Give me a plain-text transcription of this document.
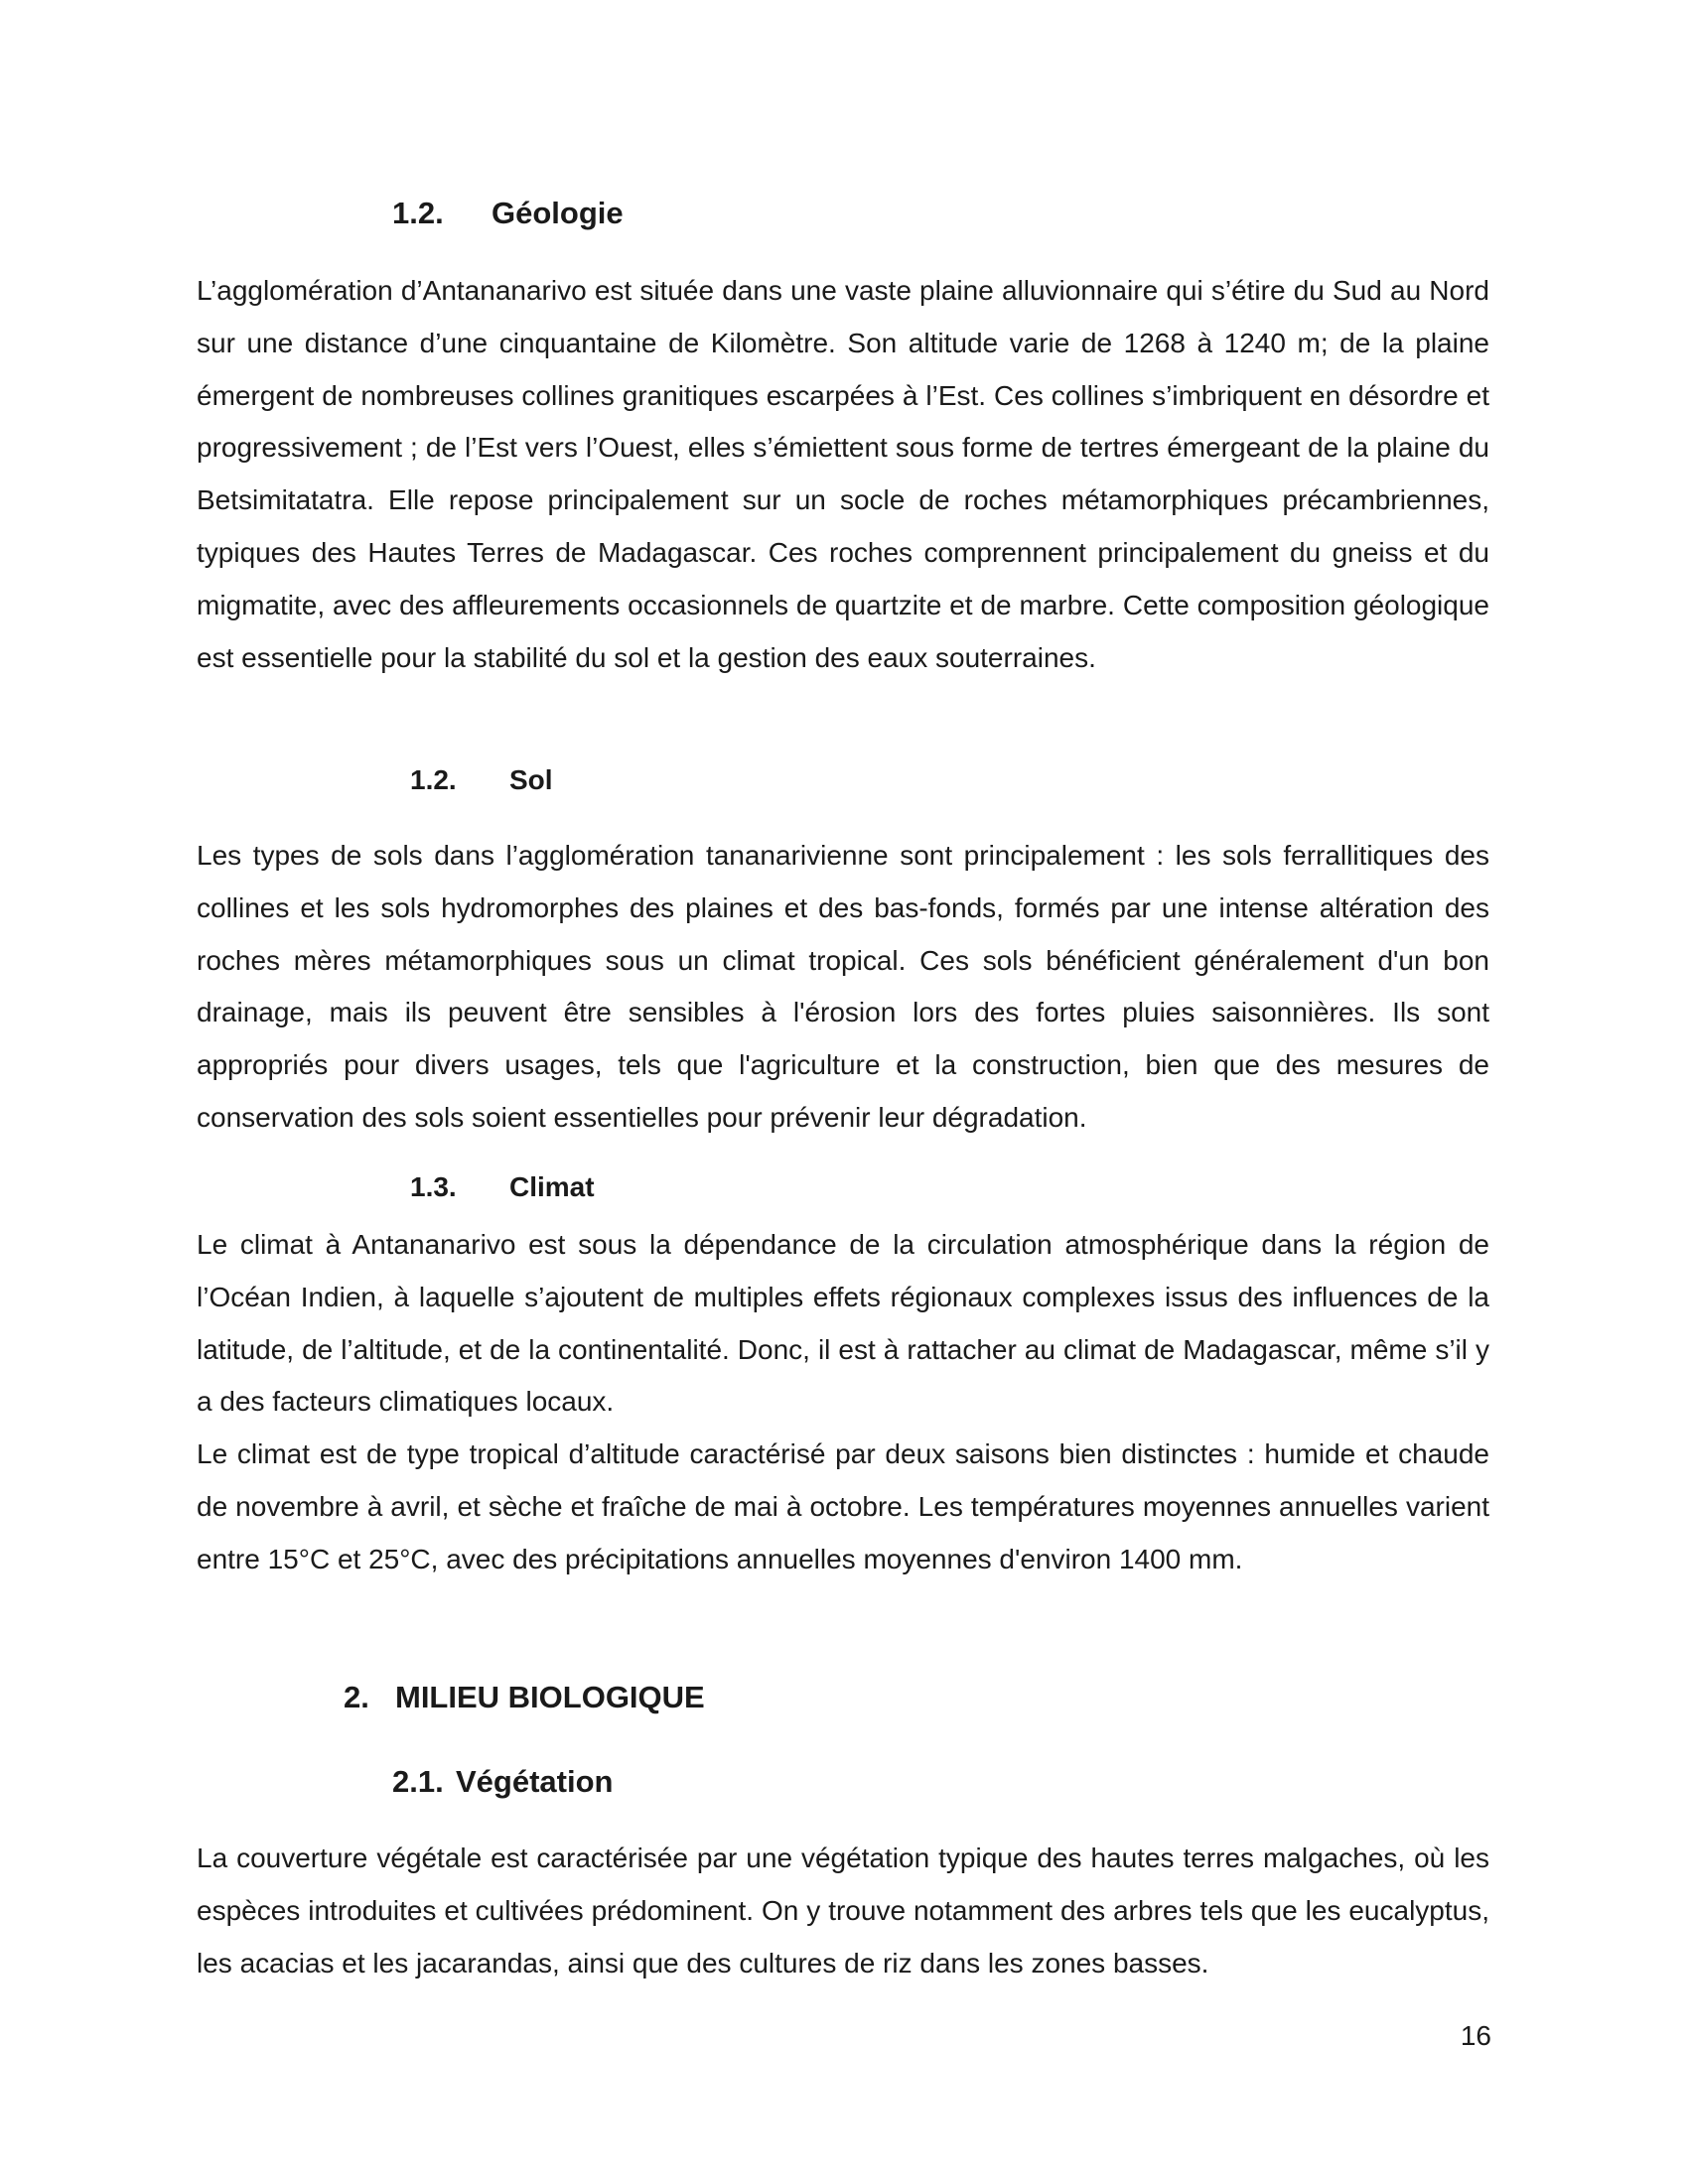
1.2. Géologie

L’agglomération d’Antananarivo est située dans une vaste plaine alluvionnaire qui s’étire du Sud au Nord sur une distance d’une cinquantaine de Kilomètre. Son altitude varie de 1268 à 1240 m; de la plaine émergent de nombreuses collines granitiques escarpées à l’Est. Ces collines s’imbriquent en désordre et progressivement ; de l’Est vers l’Ouest, elles s’émiettent sous forme de tertres émergeant de la plaine du Betsimitatatra. Elle repose principalement sur un socle de roches métamorphiques précambriennes, typiques des Hautes Terres de Madagascar. Ces roches comprennent principalement du gneiss et du migmatite, avec des affleurements occasionnels de quartzite et de marbre. Cette composition géologique est essentielle pour la stabilité du sol et la gestion des eaux souterraines.

1.2. Sol

Les types de sols dans l’agglomération tananarivienne sont principalement : les sols ferrallitiques des collines et les sols hydromorphes des plaines et des bas-fonds, formés par une intense altération des roches mères métamorphiques sous un climat tropical. Ces sols bénéficient généralement d'un bon drainage, mais ils peuvent être sensibles à l'érosion lors des fortes pluies saisonnières. Ils sont appropriés pour divers usages, tels que l'agriculture et la construction, bien que des mesures de conservation des sols soient essentielles pour prévenir leur dégradation.

1.3. Climat

Le climat à Antananarivo est sous la dépendance de la circulation atmosphérique dans la région de l’Océan Indien, à laquelle s’ajoutent de multiples effets régionaux complexes issus des influences de la latitude, de l’altitude, et de la continentalité. Donc, il est à rattacher au climat de Madagascar, même s’il y a des facteurs climatiques locaux.

Le climat est de type tropical d’altitude caractérisé par deux saisons bien distinctes : humide et chaude de novembre à avril, et sèche et fraîche de mai à octobre. Les températures moyennes annuelles varient entre 15°C et 25°C, avec des précipitations annuelles moyennes d'environ 1400 mm.

2. MILIEU BIOLOGIQUE
2.1. Végétation

La couverture végétale est caractérisée par une végétation typique des hautes terres malgaches, où les espèces introduites et cultivées prédominent. On y trouve notamment des arbres tels que les eucalyptus, les acacias et les jacarandas, ainsi que des cultures de riz dans les zones basses.

16
